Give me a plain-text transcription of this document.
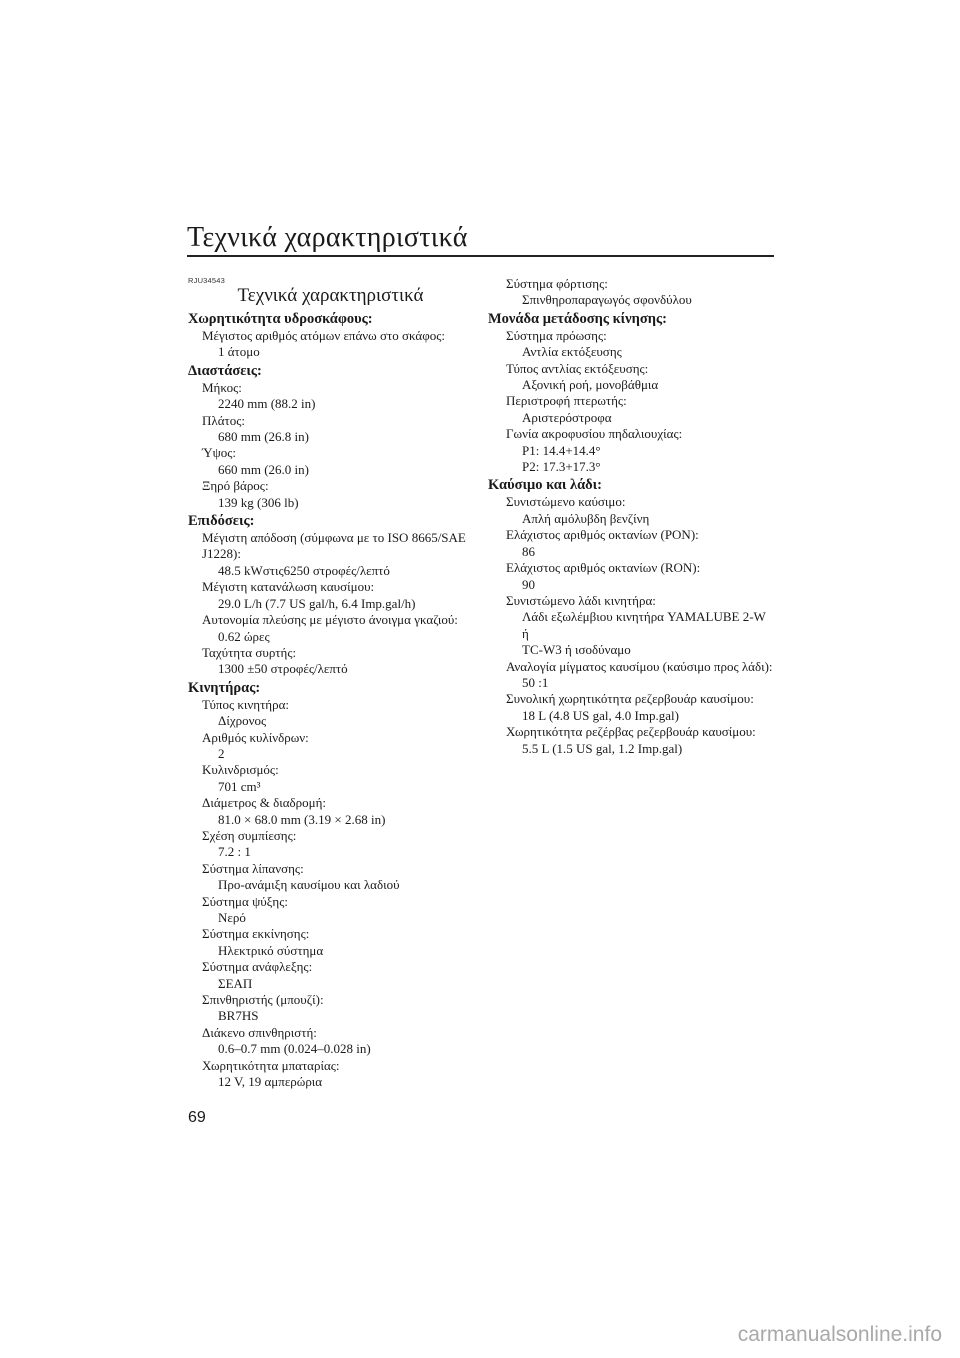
Τεχνικά χαρακτηριστικά
RJU34543
Τεχνικά χαρακτηριστικά
Χωρητικότητα υδροσκάφους:
Μέγιστος αριθμός ατόμων επάνω στο σκάφος:
1 άτομο
Διαστάσεις:
Μήκος:
2240 mm (88.2 in)
Πλάτος:
680 mm (26.8 in)
Ύψος:
660 mm (26.0 in)
Ξηρό βάρος:
139 kg (306 lb)
Επιδόσεις:
Μέγιστη απόδοση (σύμφωνα με το ISO 8665/SAE
J1228):
48.5 kWστις6250 στροφές/λεπτό
Μέγιστη κατανάλωση καυσίμου:
29.0 L/h (7.7 US gal/h, 6.4 Imp.gal/h)
Αυτονομία πλεύσης με μέγιστο άνοιγμα γκαζιού:
0.62 ώρες
Ταχύτητα συρτής:
1300 ±50 στροφές/λεπτό
Κινητήρας:
Τύπος κινητήρα:
Δίχρονος
Αριθμός κυλίνδρων:
2
Κυλινδρισμός:
701 cm³
Διάμετρος & διαδρομή:
81.0 × 68.0 mm (3.19 × 2.68 in)
Σχέση συμπίεσης:
7.2 : 1
Σύστημα λίπανσης:
Προ-ανάμιξη καυσίμου και λαδιού
Σύστημα ψύξης:
Νερό
Σύστημα εκκίνησης:
Ηλεκτρικό σύστημα
Σύστημα ανάφλεξης:
ΣΕΑΠ
Σπινθηριστής (μπουζί):
BR7HS
Διάκενο σπινθηριστή:
0.6–0.7 mm (0.024–0.028 in)
Χωρητικότητα μπαταρίας:
12 V, 19 αμπερώρια
Σύστημα φόρτισης:
Σπινθηροπαραγωγός σφονδύλου
Μονάδα μετάδοσης κίνησης:
Σύστημα πρόωσης:
Αντλία εκτόξευσης
Τύπος αντλίας εκτόξευσης:
Αξονική ροή, μονοβάθμια
Περιστροφή πτερωτής:
Αριστερόστροφα
Γωνία ακροφυσίου πηδαλιουχίας:
P1: 14.4+14.4°
P2: 17.3+17.3°
Καύσιμο και λάδι:
Συνιστώμενο καύσιμο:
Απλή αμόλυβδη βενζίνη
Ελάχιστος αριθμός οκτανίων (PON):
86
Ελάχιστος αριθμός οκτανίων (RON):
90
Συνιστώμενο λάδι κινητήρα:
Λάδι εξωλέμβιου κινητήρα YAMALUBE 2-W ή
TC-W3 ή ισοδύναμο
Αναλογία μίγματος καυσίμου (καύσιμο προς λάδι):
50 :1
Συνολική χωρητικότητα ρεζερβουάρ καυσίμου:
18 L (4.8 US gal, 4.0 Imp.gal)
Χωρητικότητα ρεζέρβας ρεζερβουάρ καυσίμου:
5.5 L (1.5 US gal, 1.2 Imp.gal)
69
carmanualsonline.info
